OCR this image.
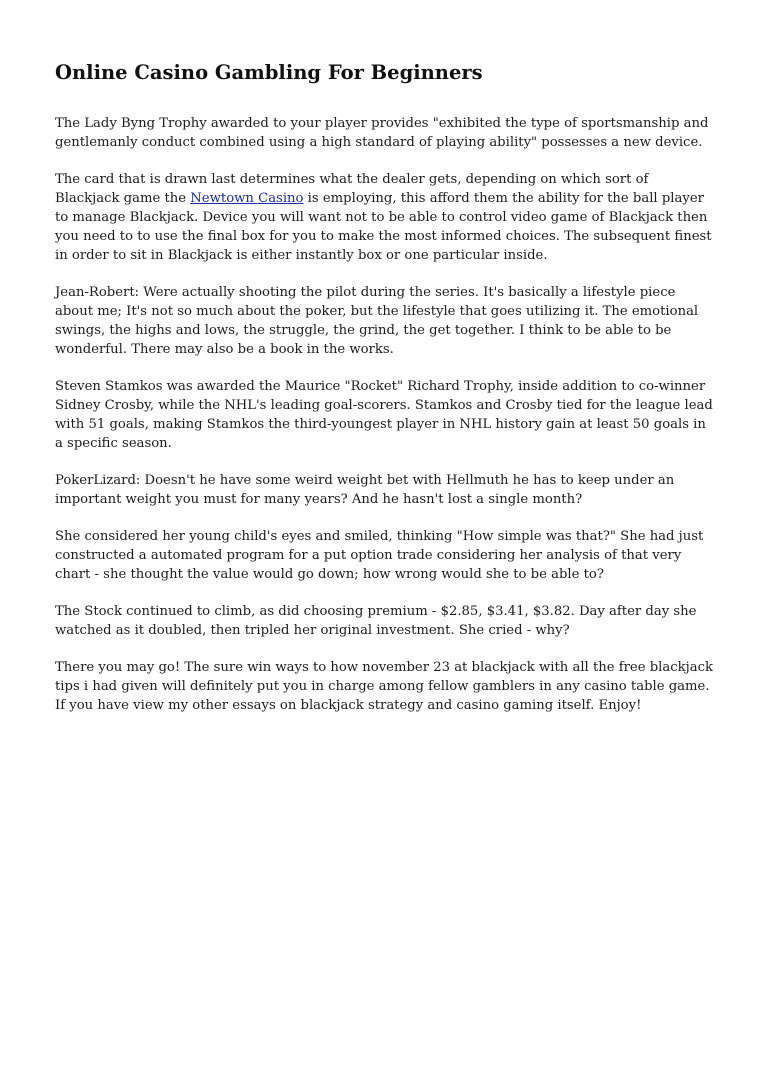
Online Casino Gambling For Beginners

The Lady Byng Trophy awarded to your player provides "exhibited the type of sportsmanship and gentlemanly conduct combined using a high standard of playing ability" possesses a new device.

The card that is drawn last determines what the dealer gets, depending on which sort of Blackjack game the Newtown Casino is employing, this afford them the ability for the ball player to manage Blackjack. Device you will want not to be able to control video game of Blackjack then you need to to use the final box for you to make the most informed choices. The subsequent finest in order to sit in Blackjack is either instantly box or one particular inside.

Jean-Robert: Were actually shooting the pilot during the series. It's basically a lifestyle piece about me; It's not so much about the poker, but the lifestyle that goes utilizing it. The emotional swings, the highs and lows, the struggle, the grind, the get together. I think to be able to be wonderful. There may also be a book in the works.

Steven Stamkos was awarded the Maurice "Rocket" Richard Trophy, inside addition to co-winner Sidney Crosby, while the NHL's leading goal-scorers. Stamkos and Crosby tied for the league lead with 51 goals, making Stamkos the third-youngest player in NHL history gain at least 50 goals in a specific season.

PokerLizard: Doesn't he have some weird weight bet with Hellmuth he has to keep under an important weight you must for many years? And he hasn't lost a single month?

She considered her young child's eyes and smiled, thinking "How simple was that?" She had just constructed a automated program for a put option trade considering her analysis of that very chart - she thought the value would go down; how wrong would she to be able to?

The Stock continued to climb, as did choosing premium - $2.85, $3.41, $3.82. Day after day she watched as it doubled, then tripled her original investment. She cried - why?

There you may go! The sure win ways to how november 23 at blackjack with all the free blackjack tips i had given will definitely put you in charge among fellow gamblers in any casino table game. If you have view my other essays on blackjack strategy and casino gaming itself. Enjoy!
